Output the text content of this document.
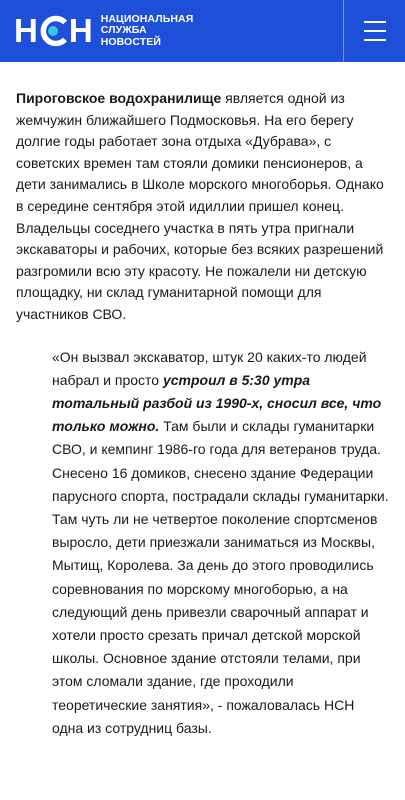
Н Н НАЦИОНАЛЬНАЯ
СЛУЖБА
НОВОСТЕЙ

Пироговское водохранилище является одной из жемчужин ближайшего Подмосковья. На его берегу долгие годы работает зона отдыха «Дубрава», с советских времен там стояли домики пенсионеров, а дети занимались в Школе морского многоборья. Однако в середине сентября этой идиллии пришел конец. Владельцы соседнего участка в пять утра пригнали экскаваторы и рабочих, которые без всяких разрешений разгромили всю эту красоту. Не пожалели ни детскую площадку, ни склад гуманитарной помощи для участников СВО.

«Он вызвал экскаватор, штук 20 каких-то людей набрал и просто устроил в 5:30 утра тотальный разбой из 1990-х, сносил все, что только можно. Там были и склады гуманитарки СВО, и кемпинг 1986-го года для ветеранов труда. Снесено 16 домиков, снесено здание Федерации парусного спорта, пострадали склады гуманитарки. Там чуть ли не четвертое поколение спортсменов выросло, дети приезжали заниматься из Москвы, Мытищ, Королева. За день до этого проводились соревнования по морскому многоборью, а на следующий день привезли сварочный аппарат и хотели просто срезать причал детской морской школы. Основное здание отстояли телами, при этом сломали здание, где проходили теоретические занятия», - пожаловалась НСН одна из сотрудниц базы.
